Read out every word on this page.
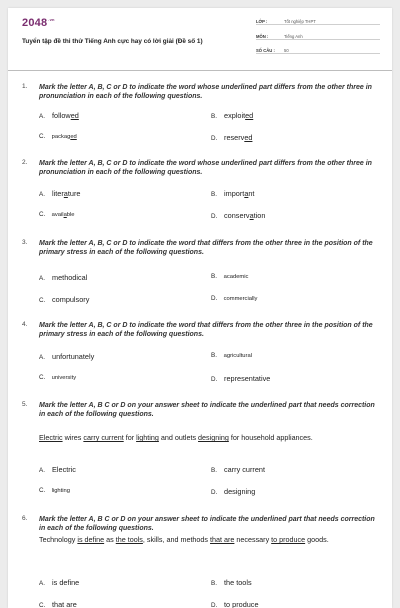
$2048^{.vn}$
Tuyển tập đề thi thử Tiếng Anh cực hay có lời giải (Đề số 1)
LỚP :	Tốt nghiệp THPT
MÔN :	Tiếng Anh
SỐ CÂU :	50
1. Mark the letter A, B, C or D to indicate the word whose underlined part differs from the other three in pronunciation in each of the following questions.
A. followed	B. exploited
C. packaged	D. reserved
2. Mark the letter A, B, C or D to indicate the word whose underlined part differs from the other three in pronunciation in each of the following questions.
A. literature	B. important
C. available	D. conservation
3. Mark the letter A, B, C or D to indicate the word that differs from the other three in the position of the primary stress in each of the following questions.
A. methodical	B. academic
C. compulsory	D. commercially
4. Mark the letter A, B, C or D to indicate the word that differs from the other three in the position of the primary stress in each of the following questions.
A. unfortunately	B. agricultural
C. university	D. representative
5. Mark the letter A, B C or D on your answer sheet to indicate the underlined part that needs correction in each of the following questions.
Electric wires carry current for lighting and outlets designing for household appliances.
A. Electric	B. carry current
C. lighting	D. designing
6. Mark the letter A, B C or D on your answer sheet to indicate the underlined part that needs correction in each of the following questions.
Technology is define as the tools, skills, and methods that are necessary to produce goods.
A. is define	B. the tools
C. that are	D. to produce
